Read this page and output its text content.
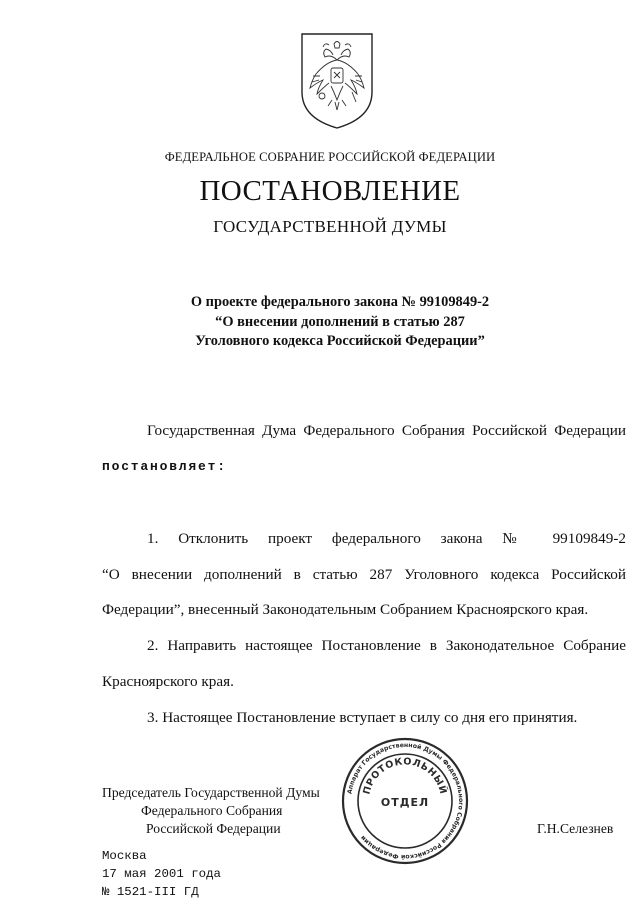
ФЕДЕРАЛЬНОЕ СОБРАНИЕ РОССИЙСКОЙ ФЕДЕРАЦИИ
ПОСТАНОВЛЕНИЕ
ГОСУДАРСТВЕННОЙ ДУМЫ
О проекте федерального закона № 99109849-2
“О внесении дополнений в статью 287
Уголовного кодекса Российской Федерации”
Государственная Дума Федерального Собрания Российской Федерации
постановляет:
1. Отклонить проект федерального закона № 99109849-2
“О внесении дополнений в статью 287 Уголовного кодекса Российской
Федерации”, внесенный Законодательным Собранием Красноярского края.
2. Направить настоящее Постановление в Законодательное Собрание
Красноярского края.
3. Настоящее Постановление вступает в силу со дня его принятия.
Председатель Государственной Думы
Федерального Собрания
Российской Федерации	Г.Н.Селезнев
Аппарат Государственной Думы Федерального Собрания Российской Федерации
ПРОТОКОЛЬНЫЙ
ОТДЕЛ
Москва
17 мая 2001 года
№ 1521-III ГД
